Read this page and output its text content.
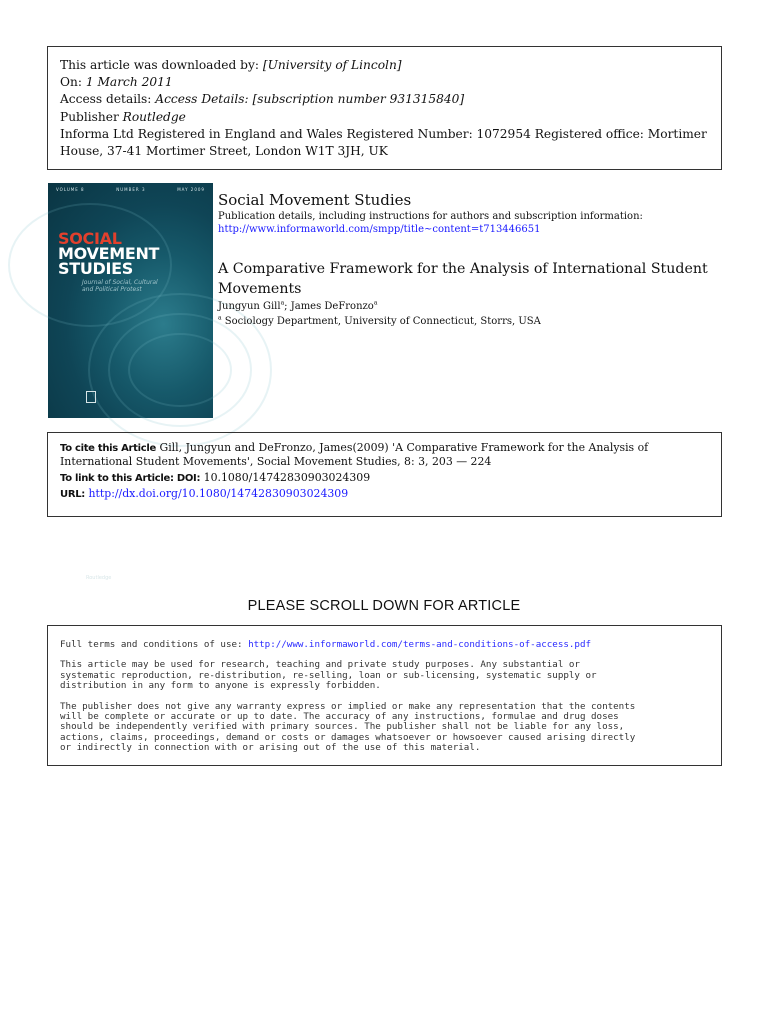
This article was downloaded by: [University of Lincoln]
On: 1 March 2011
Access details: Access Details: [subscription number 931315840]
Publisher Routledge
Informa Ltd Registered in England and Wales Registered Number: 1072954 Registered office: Mortimer House, 37-41 Mortimer Street, London W1T 3JH, UK
VOLUME 8	NUMBER 3	MAY 2009
SOCIAL
MOVEMENT
STUDIES
Journal of Social, Cultural and Political Protest
Routledge
Social Movement Studies
Publication details, including instructions for authors and subscription information:
http://www.informaworld.com/smpp/title~content=t713446651
A Comparative Framework for the Analysis of International Student Movements
Jungyun Gill$^a$; James DeFronzo$^a$
$^a$ Sociology Department, University of Connecticut, Storrs, USA
To cite this Article Gill, Jungyun and DeFronzo, James(2009) 'A Comparative Framework for the Analysis of International Student Movements', Social Movement Studies, 8: 3, 203 — 224
To link to this Article: DOI: 10.1080/14742830903024309
URL: http://dx.doi.org/10.1080/14742830903024309
PLEASE SCROLL DOWN FOR ARTICLE
Full terms and conditions of use: http://www.informaworld.com/terms-and-conditions-of-access.pdf
This article may be used for research, teaching and private study purposes. Any substantial or
systematic reproduction, re-distribution, re-selling, loan or sub-licensing, systematic supply or
distribution in any form to anyone is expressly forbidden.
The publisher does not give any warranty express or implied or make any representation that the contents
will be complete or accurate or up to date. The accuracy of any instructions, formulae and drug doses
should be independently verified with primary sources. The publisher shall not be liable for any loss,
actions, claims, proceedings, demand or costs or damages whatsoever or howsoever caused arising directly
or indirectly in connection with or arising out of the use of this material.
